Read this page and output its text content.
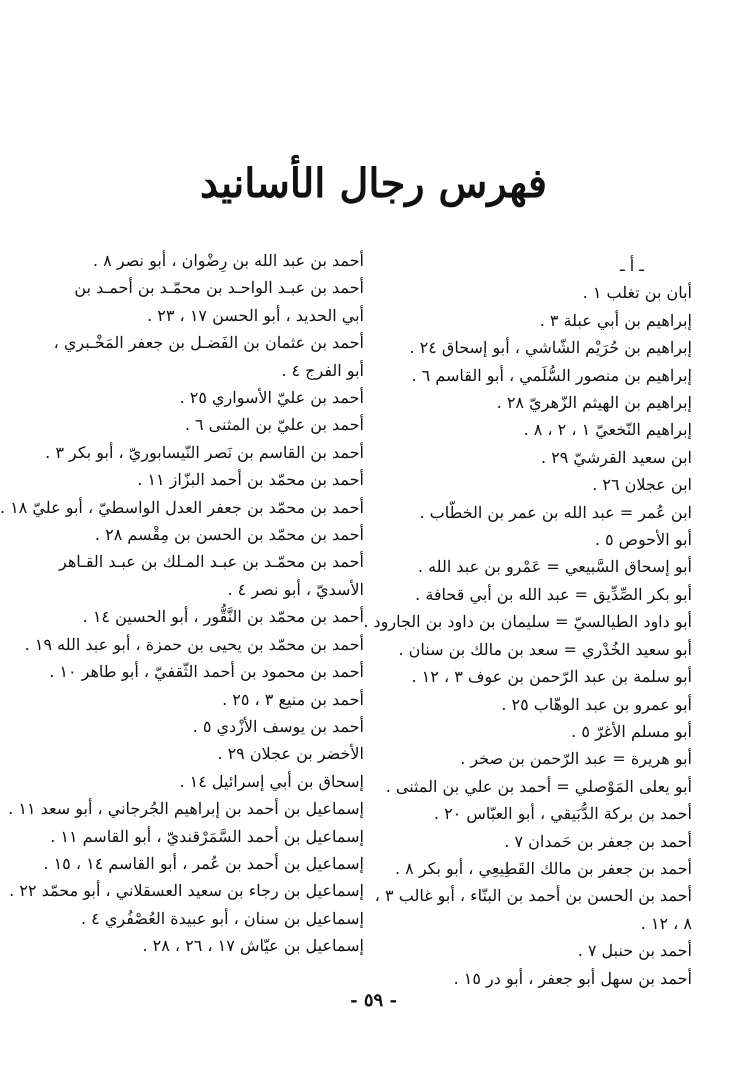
فهرس رجال الأسانيد
ـ أ ـ
أبان بن تغلب ١ .
إبراهيم بن أبي عبلة ٣ .
إبراهيم بن حُرَيْم الشّاشي ، أبو إسحاق ٢٤ .
إبراهيم بن منصور السُّلَمي ، أبو القاسم ٦ .
إبراهيم بن الهيثم الزّهريّ ٢٨ .
إبراهيم النّخعيّ ١ ، ٢ ، ٨ .
ابن سعيد القرشيّ ٢٩ .
ابن عجلان ٢٦ .
ابن عُمر = عبد الله بن عمر بن الخطّاب .
أبو الأحوص ٥ .
أبو إسحاق السَّبيعي = عَمْرو بن عبد الله .
أبو بكر الصِّدِّيق = عبد الله بن أبي قحافة .
أبو داود الطيالسيّ = سليمان بن داود بن الجارود .
أبو سعيد الخُدْري = سعد بن مالك بن سنان .
أبو سلمة بن عبد الرّحمن بن عوف ٣ ، ١٢ .
أبو عمرو بن عبد الوهّاب ٢٥ .
أبو مسلم الأغرّ ٥ .
أبو هريرة = عبد الرّحمن بن صخر .
أبو يعلى المَوْصلي = أحمد بن علي بن المثنى .
أحمد بن بركة الدُّبَيقي ، أبو العبّاس ٢٠ .
أحمد بن جعفر بن حَمدان ٧ .
أحمد بن جعفر بن مالك القَطِيعِي ، أبو بكر ٨ .
أحمد بن الحسن بن أحمد بن البنّاء ، أبو غالب ٣ ،
٨ ، ١٢ .
أحمد بن حنبل ٧ .
أحمد بن سهل أبو جعفر ، أبو در ١٥ .
أحمد بن عبد الله بن رِضْوان ، أبو نصر ٨ .
أحمد بن عبـد الواحـد بن محمّـد بن أحمـد بن
أبي الحديد ، أبو الحسن ١٧ ، ٢٣ .
أحمد بن عثمان بن الفَضـل بن جعفر المَخْـبري ،
أبو الفرج ٤ .
أحمد بن عليّ الأسواري ٢٥ .
أحمد بن عليّ بن المثنى ٦ .
أحمد بن القاسم بن نَصر النّيسابوريّ ، أبو بكر ٣ .
أحمد بن محمّد بن أحمد البزّاز ١١ .
أحمد بن محمّد بن جعفر العدل الواسطيّ ، أبو عليّ ١٨ .
أحمد بن محمّد بن الحسن بن مِقْسم ٢٨ .
أحمد بن محمّـد بن عبـد المـلك بن عبـد القـاهر
الأسديّ ، أبو نصر ٤ .
أحمد بن محمّد بن النَّقُّور ، أبو الحسين ١٤ .
أحمد بن محمّد بن يحيى بن حمزة ، أبو عبد الله ١٩ .
أحمد بن محمود بن أحمد الثّقفيّ ، أبو طاهر ١٠ .
أحمد بن منيع ٣ ، ٢٥ .
أحمد بن يوسف الأزْدي ٥ .
الأخضر بن عجلان ٢٩ .
إسحاق بن أبي إسرائيل ١٤ .
إسماعيل بن أحمد بن إبراهيم الجُرجاني ، أبو سعد ١١ .
إسماعيل بن أحمد السَّمَرْقنديّ ، أبو القاسم ١١ .
إسماعيل بن أحمد بن عُمر ، أبو القاسم ١٤ ، ١٥ .
إسماعيل بن رجاء بن سعيد العسقلاني ، أبو محمّد ٢٢ .
إسماعيل بن سنان ، أبو عبيدة العُصْفُري ٤ .
إسماعيل بن عيّاش ١٧ ، ٢٦ ، ٢٨ .
- ٥٩ -
